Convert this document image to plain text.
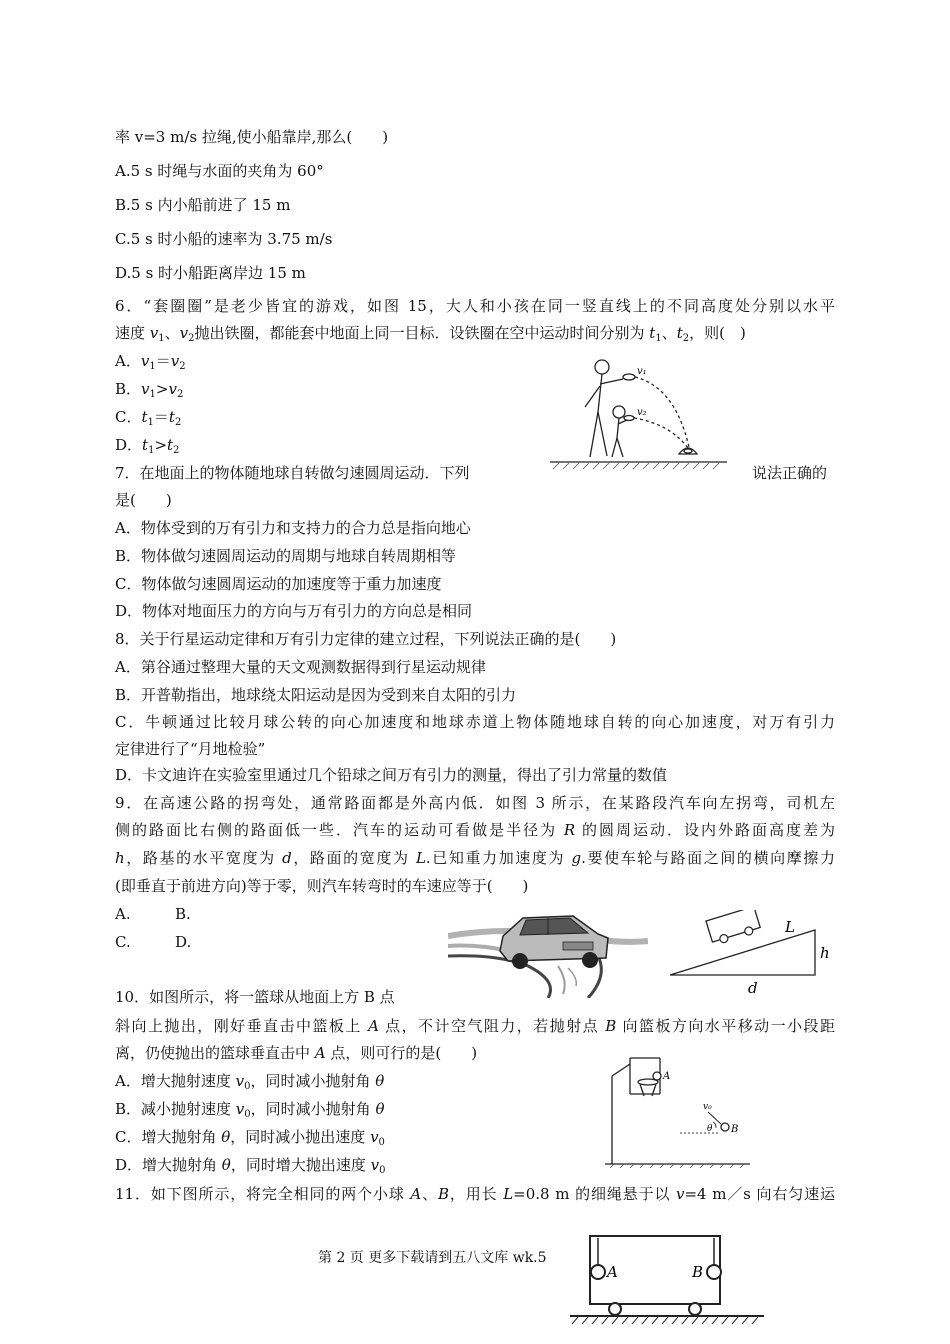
率 v=3 m/s 拉绳,使小船靠岸,那么(　　)
A.5 s 时绳与水面的夹角为 60°
B.5 s 内小船前进了 15 m
C.5 s 时小船的速率为 3.75 m/s
D.5 s 时小船距离岸边 15 m
6．“套圈圈”是老少皆宜的游戏，如图 15，大人和小孩在同一竖直线上的不同高度处分别以水平
速度 $v_1$、$v_2$抛出铁圈，都能套中地面上同一目标．设铁圈在空中运动时间分别为 $t_1$、$t_2$，则(　)
A．$v_1=v_2$
B．$v_1>v_2$
C．$t_1=t_2$
D．$t_1>t_2$
v₁
v₂
7．在地面上的物体随地球自转做匀速圆周运动．下列	说法正确的
是(　　)
A．物体受到的万有引力和支持力的合力总是指向地心
B．物体做匀速圆周运动的周期与地球自转周期相等
C．物体做匀速圆周运动的加速度等于重力加速度
D．物体对地面压力的方向与万有引力的方向总是相同
8．关于行星运动定律和万有引力定律的建立过程，下列说法正确的是(　　)
A．第谷通过整理大量的天文观测数据得到行星运动规律
B．开普勒指出，地球绕太阳运动是因为受到来自太阳的引力
C．牛顿通过比较月球公转的向心加速度和地球赤道上物体随地球自转的向心加速度，对万有引力
定律进行了“月地检验”
D．卡文迪许在实验室里通过几个铅球之间万有引力的测量，得出了引力常量的数值
9．在高速公路的拐弯处，通常路面都是外高内低．如图 3 所示，在某路段汽车向左拐弯，司机左
侧的路面比右侧的路面低一些．汽车的运动可看做是半径为 R 的圆周运动．设内外路面高度差为
h，路基的水平宽度为 d，路面的宽度为 L.已知重力加速度为 g.要使车轮与路面之间的横向摩擦力
(即垂直于前进方向)等于零，则汽车转弯时的车速应等于(　　)
A.	B.
C.	D.
L
h
d
10．如图所示，将一篮球从地面上方 B 点
斜向上抛出，刚好垂直击中篮板上 A 点，不计空气阻力，若抛射点 B 向篮板方向水平移动一小段距
离，仍使抛出的篮球垂直击中 A 点，则可行的是(　　)
A．增大抛射速度 $v_0$，同时减小抛射角 θ
B．减小抛射速度 $v_0$，同时减小抛射角 θ
C．增大抛射角 θ，同时减小抛出速度 $v_0$
D．增大抛射角 θ，同时增大抛出速度 $v_0$
A
B
v₀
θ
11．如下图所示，将完全相同的两个小球 A、B，用长 L=0.8 m 的细绳悬于以 v=4 m／s 向右匀速运
第 2 页 更多下载请到五八文库 wk.5
A	B
